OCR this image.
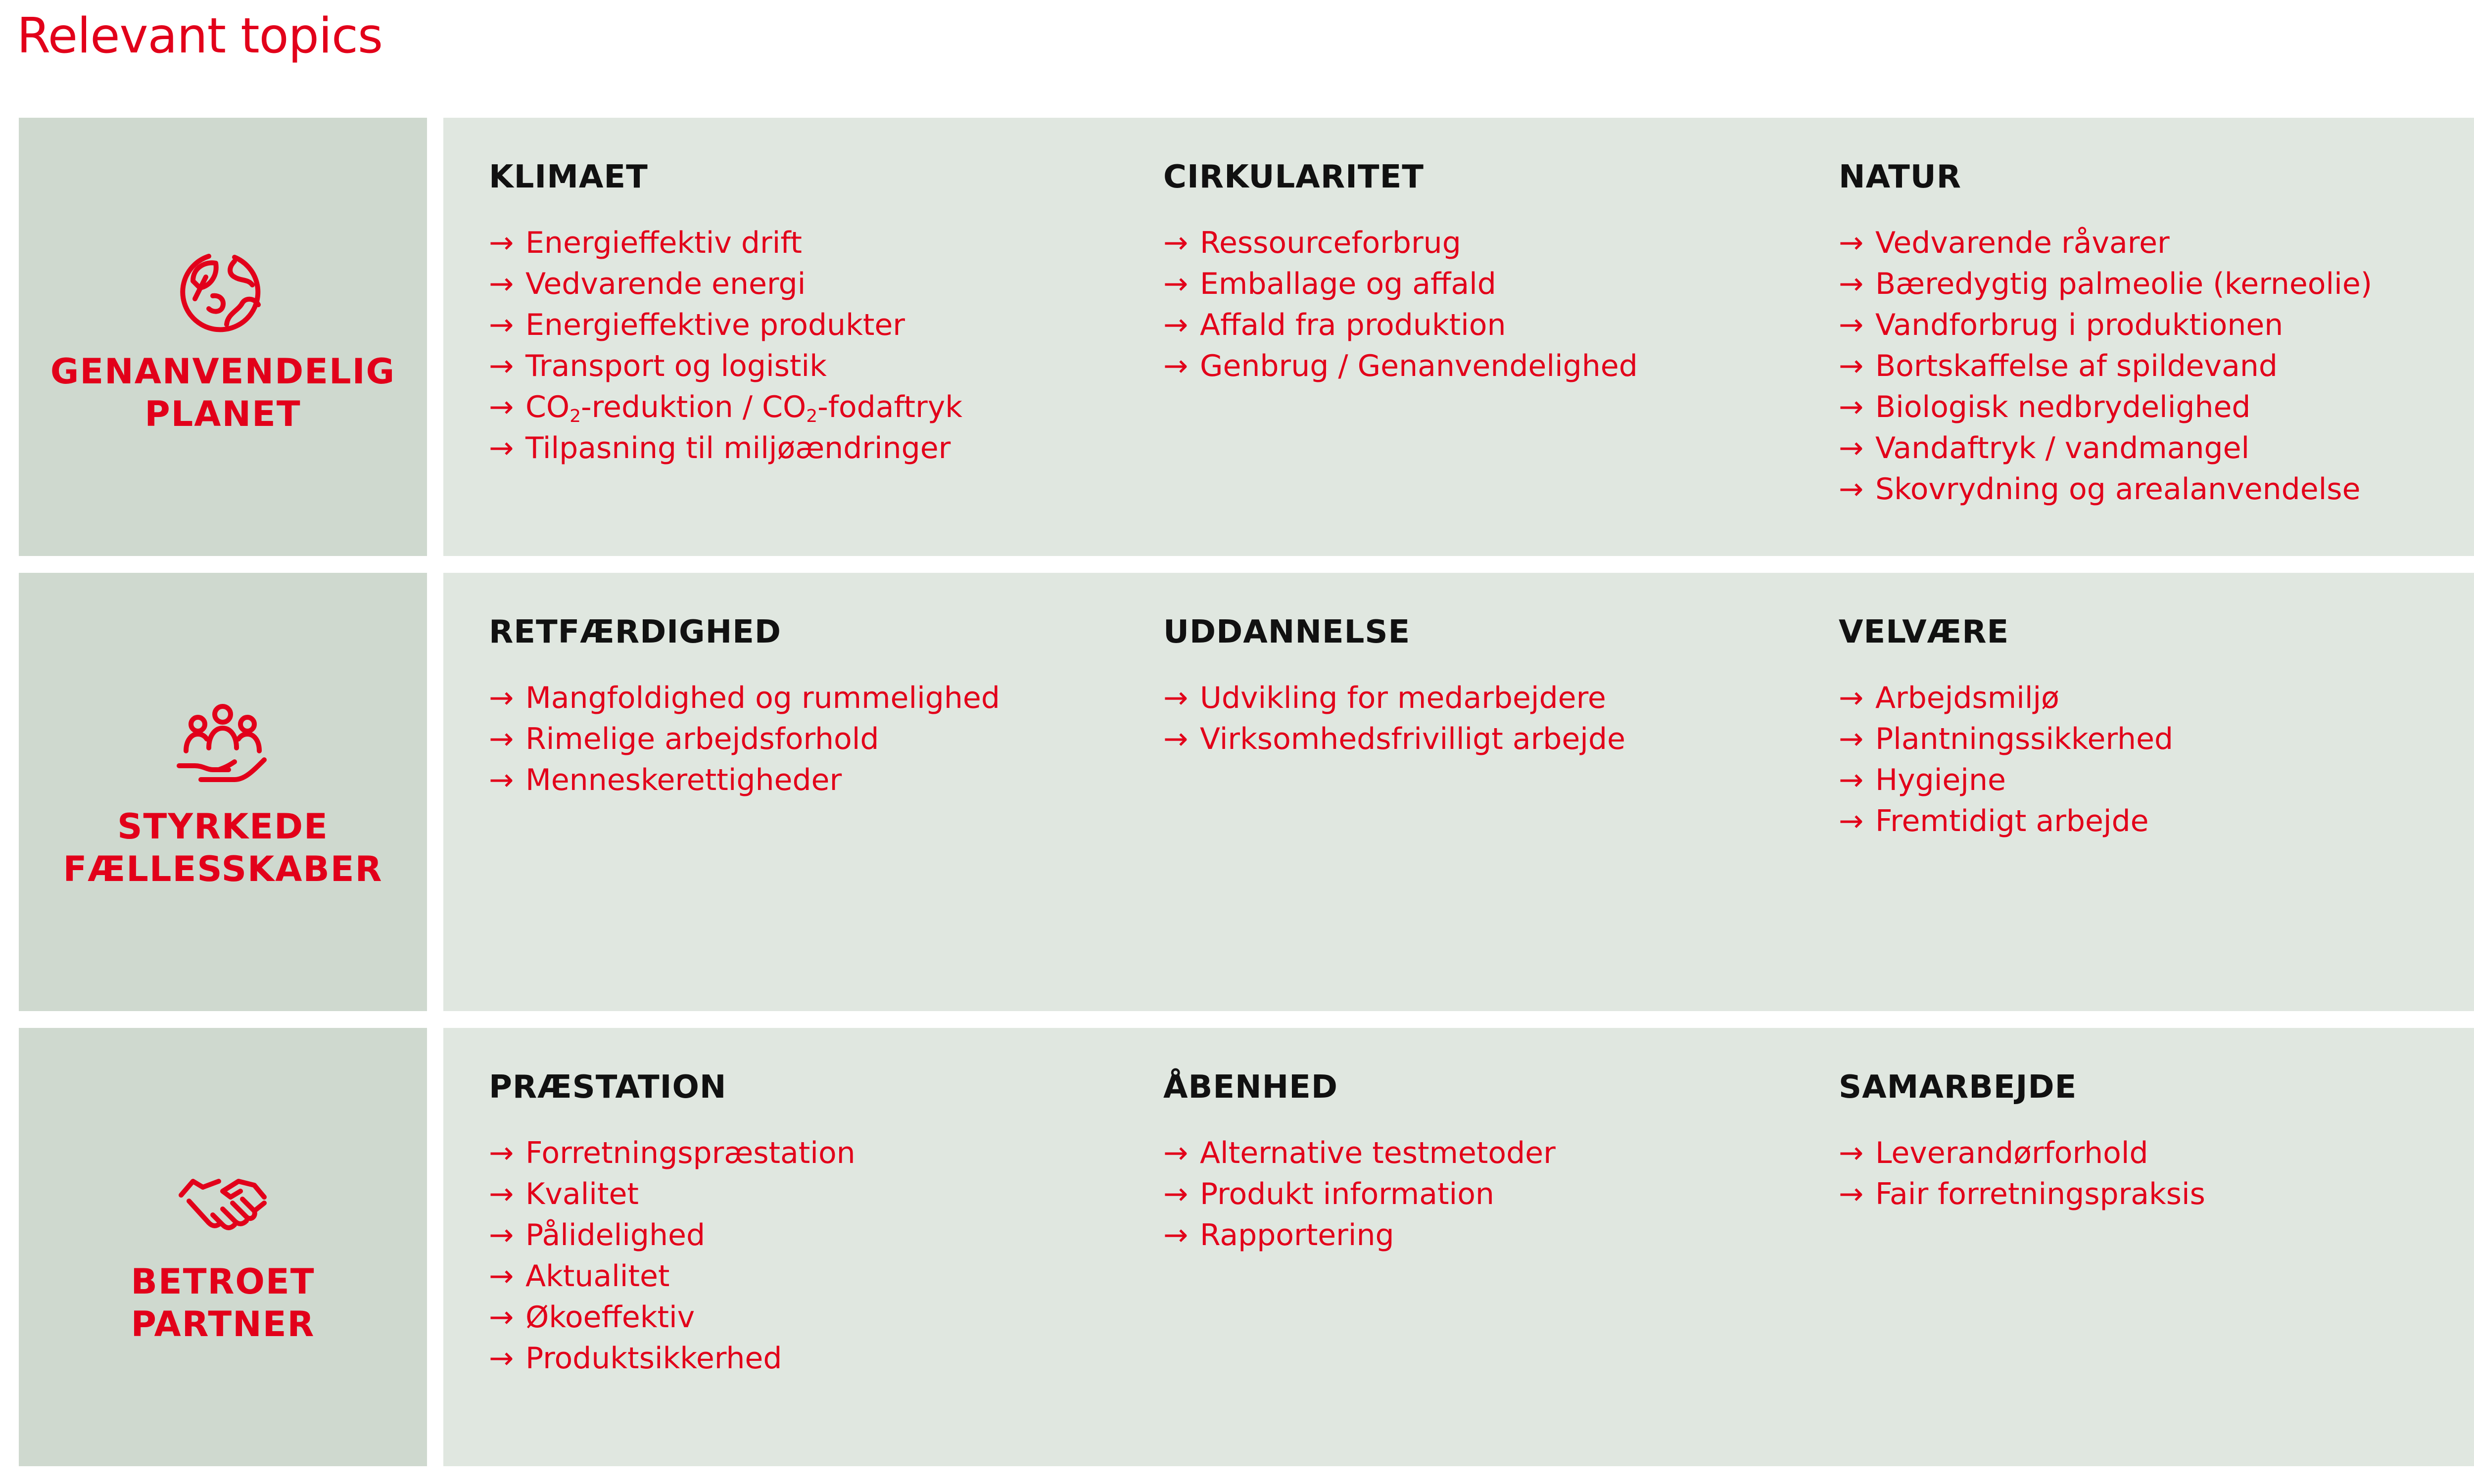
Relevant topics
GENANVENDELIG
PLANET
KLIMAET
→
Energieffektiv drift
→
Vedvarende energi
→
Energieffektive produkter
→
Transport og logistik
→
$CO_2$-reduktion / $CO_2$-fodaftryk
→
Tilpasning til miljøændringer
CIRKULARITET
→
Ressourceforbrug
→
Emballage og affald
→
Affald fra produktion
→
Genbrug / Genanvendelighed
NATUR
→
Vedvarende råvarer
→
Bæredygtig palmeolie (kerneolie)
→
Vandforbrug i produktionen
→
Bortskaffelse af spildevand
→
Biologisk nedbrydelighed
→
Vandaftryk / vandmangel
→
Skovrydning og arealanvendelse
STYRKEDE
FÆLLESSKABER
RETFÆRDIGHED
→
Mangfoldighed og rummelighed
→
Rimelige arbejdsforhold
→
Menneskerettigheder
UDDANNELSE
→
Udvikling for medarbejdere
→
Virksomhedsfrivilligt arbejde
VELVÆRE
→
Arbejdsmiljø
→
Plantningssikkerhed
→
Hygiejne
→
Fremtidigt arbejde
BETROET
PARTNER
PRÆSTATION
→
Forretningspræstation
→
Kvalitet
→
Pålidelighed
→
Aktualitet
→
Økoeffektiv
→
Produktsikkerhed
ÅBENHED
→
Alternative testmetoder
→
Produkt information
→
Rapportering
SAMARBEJDE
→
Leverandørforhold
→
Fair forretningspraksis
